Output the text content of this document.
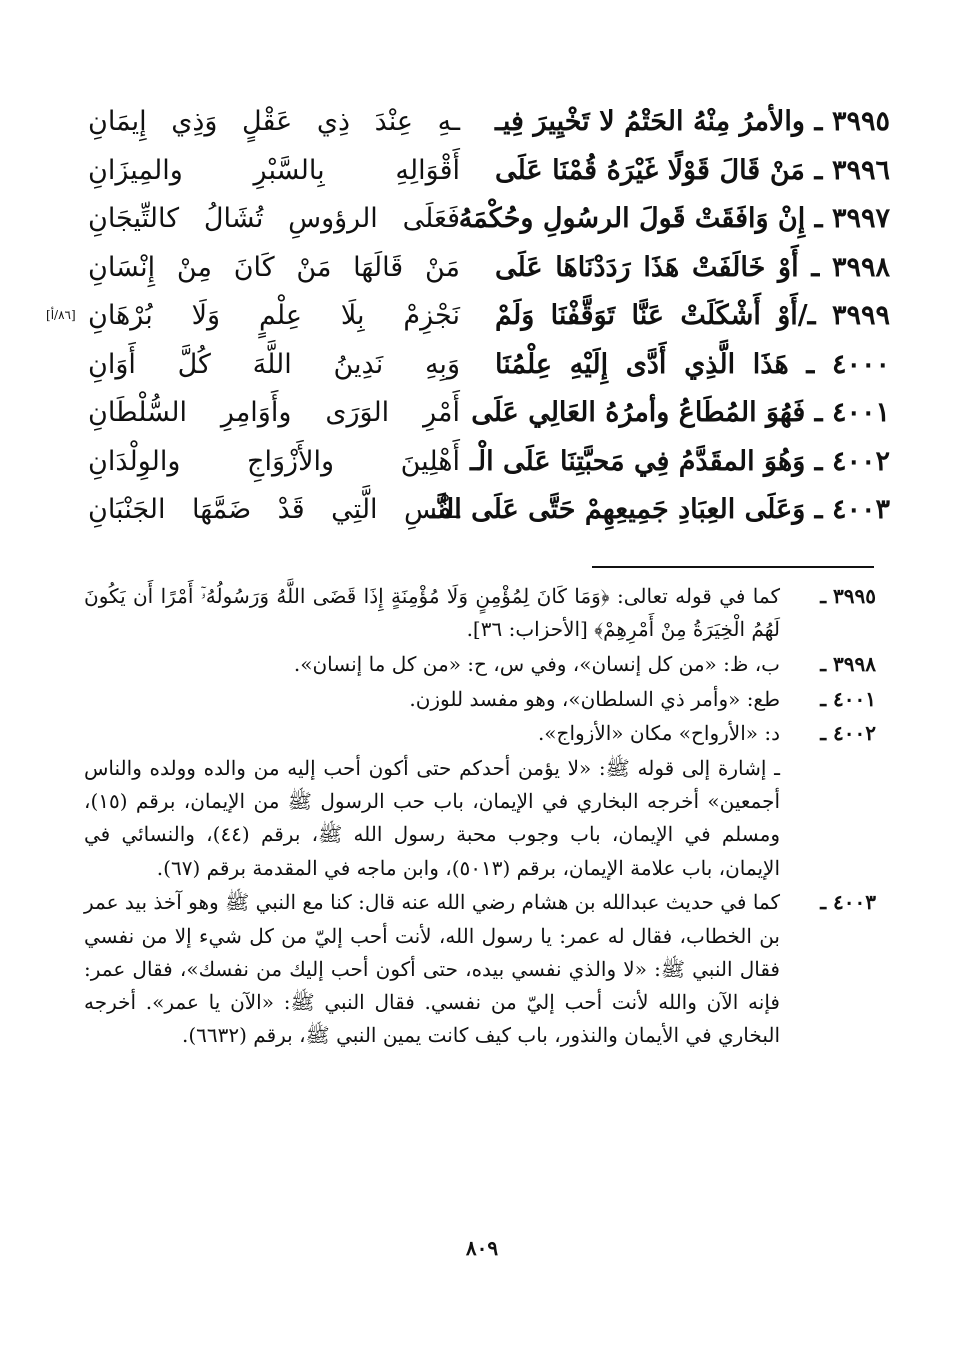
٣٩٩٥ ـ والأمرُ مِنْهُ الحَتْمُ لا تَخْيِيرَ فِيـ
ـهِ عِنْدَ ذِي عَقْلٍ وَذِي إِيمَانِ
٣٩٩٦ ـ مَنْ قَالَ قَوْلًا غَيْرَهُ قُمْنَا عَلَى
أَقْوَالِهِ بِالسَّبْرِ والمِيزَانِ
٣٩٩٧ ـ إِنْ وَافَقَتْ قَولَ الرسُولِ وحُكْمَهُ
فَعَلَى الرؤوسِ تُشَالُ كالتِّيجَانِ
٣٩٩٨ ـ أَوْ خَالَفَتْ هَذَا رَدَدْنَاهَا عَلَى
مَنْ قَالَهَا مَنْ كَانَ مِنْ إِنْسَانِ
٣٩٩٩ ـ/أَوْ أَشْكَلَتْ عَنَّا تَوَقَّفْنَا وَلَمْ
نَجْزِمْ بِلَا عِلْمٍ وَلَا بُرْهَانِ
[٨٦/أ]
٤٠٠٠ ـ هَذَا الَّذِي أَدَّى إِلَيْهِ عِلْمُنَا
وَبِهِ نَدِينُ اللَّهَ كُلَّ أَوَانِ
٤٠٠١ ـ فَهُوَ المُطَاعُ وأمرُهُ العَالِي عَلَى
أَمْرِ الوَرَى وأَوَامِرِ السُّلْطَانِ
٤٠٠٢ ـ وَهُوَ المقَدَّمُ فِي مَحبَّتِنَا عَلَى الْـ
أَهْلِينَ والأَزْوَاجِ والوِلْدَانِ
٤٠٠٣ ـ وَعَلَى العِبَادِ جَمِيعِهِمْ حَتَّى عَلَى النَّـ
ـفْسِ الَّتِي قَدْ ضَمَّهَا الجَنْبَانِ
٣٩٩٥ ـ
كما في قوله تعالى: ﴿وَمَا كَانَ لِمُؤْمِنٍ وَلَا مُؤْمِنَةٍ إِذَا قَضَى اللَّهُ وَرَسُولُهُۥٓ أَمْرًا أَن يَكُونَ لَهُمُ الْخِيَرَةُ مِنْ أَمْرِهِمْ﴾ [الأحزاب: ٣٦].
٣٩٩٨ ـ
ب، ظ: «من كل إنسان»، وفي س، ح: «من كل ما إنسان».
٤٠٠١ ـ
طع: «وأمر ذي السلطان»، وهو مفسد للوزن.
٤٠٠٢ ـ
د: «الأرواح» مكان «الأزواج».
ـ إشارة إلى قوله ﷺ: «لا يؤمن أحدكم حتى أكون أحب إليه من والده وولده والناس أجمعين» أخرجه البخاري في الإيمان، باب حب الرسول ﷺ من الإيمان، برقم (١٥)، ومسلم في الإيمان، باب وجوب محبة رسول الله ﷺ، برقم (٤٤)، والنسائي في الإيمان، باب علامة الإيمان، برقم (٥٠١٣)، وابن ماجه في المقدمة برقم (٦٧).
٤٠٠٣ ـ
كما في حديث عبدالله بن هشام رضي الله عنه قال: كنا مع النبي ﷺ وهو آخذ بيد عمر بن الخطاب، فقال له عمر: يا رسول الله، لأنت أحب إليّ من كل شيء إلا من نفسي فقال النبي ﷺ: «لا والذي نفسي بيده، حتى أكون أحب إليك من نفسك»، فقال عمر: فإنه الآن والله لأنت أحب إليّ من نفسي. فقال النبي ﷺ: «الآن يا عمر». أخرجه البخاري في الأيمان والنذور، باب كيف كانت يمين النبي ﷺ، برقم (٦٦٣٢).
٨٠٩
